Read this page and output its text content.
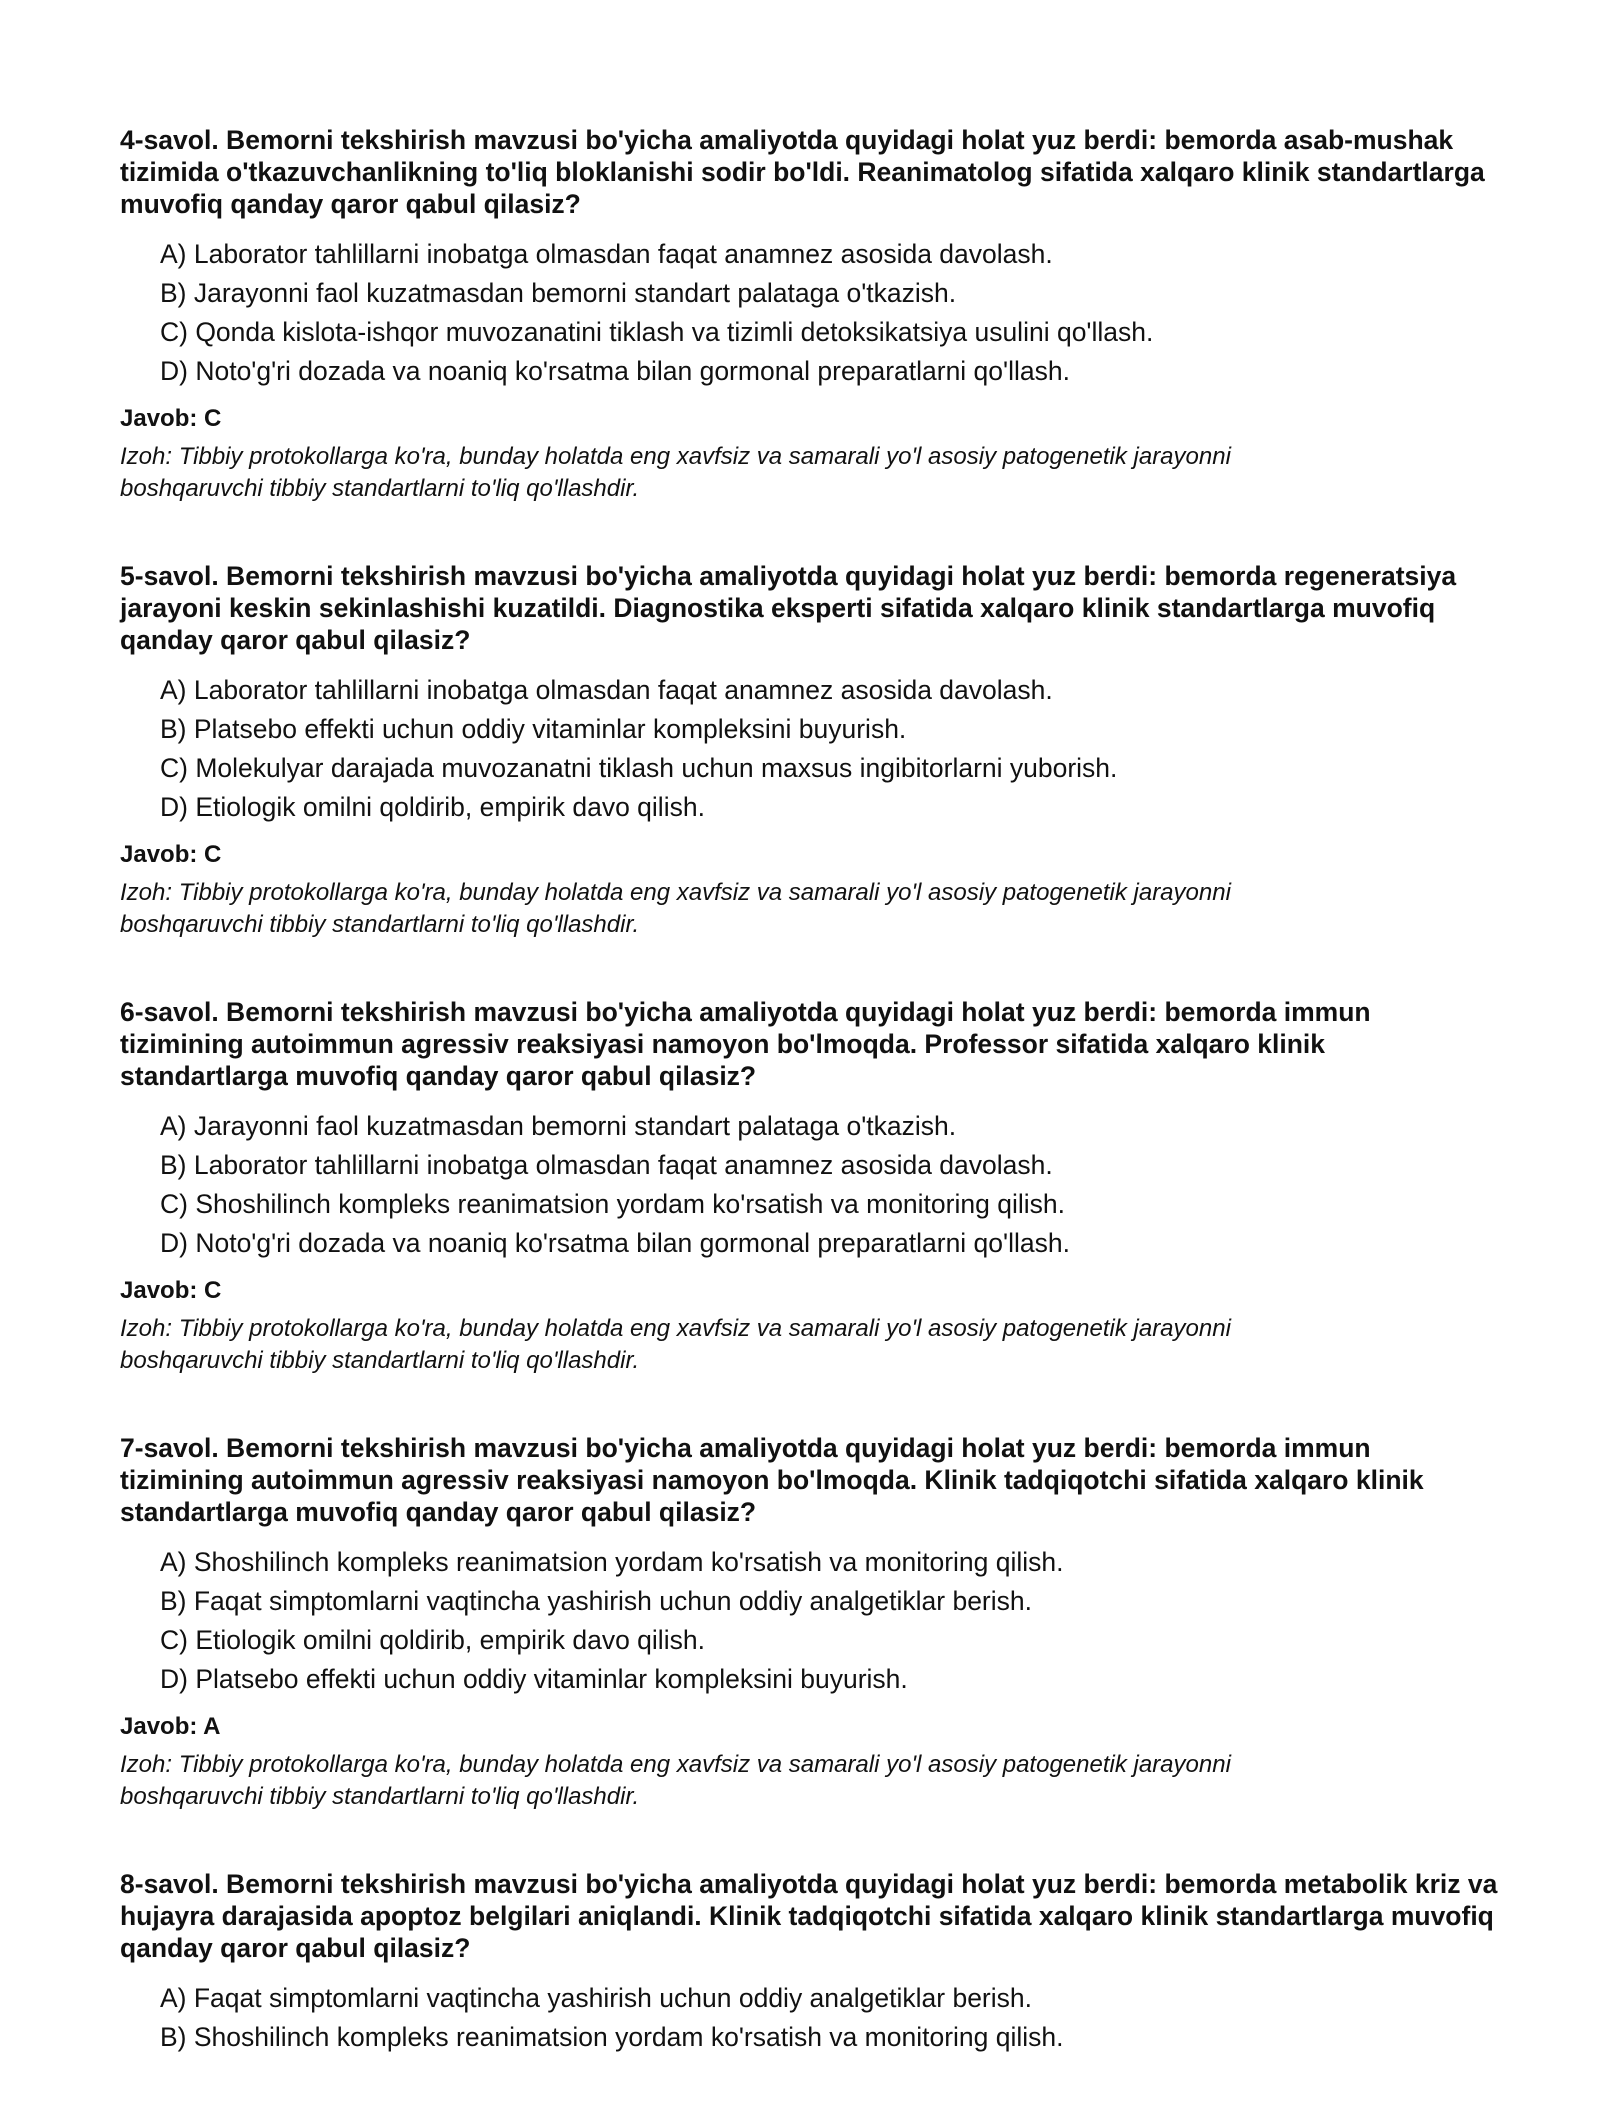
4-savol. Bemorni tekshirish mavzusi bo'yicha amaliyotda quyidagi holat yuz berdi: bemorda asab-mushak tizimida o'tkazuvchanlikning to'liq bloklanishi sodir bo'ldi. Reanimatolog sifatida xalqaro klinik standartlarga muvofiq qanday qaror qabul qilasiz?

A) Laborator tahlillarni inobatga olmasdan faqat anamnez asosida davolash.
B) Jarayonni faol kuzatmasdan bemorni standart palataga o'tkazish.
C) Qonda kislota-ishqor muvozanatini tiklash va tizimli detoksikatsiya usulini qo'llash.
D) Noto'g'ri dozada va noaniq ko'rsatma bilan gormonal preparatlarni qo'llash.

Javob: C

Izoh: Tibbiy protokollarga ko'ra, bunday holatda eng xavfsiz va samarali yo'l asosiy patogenetik jarayonni boshqaruvchi tibbiy standartlarni to'liq qo'llashdir.

5-savol. Bemorni tekshirish mavzusi bo'yicha amaliyotda quyidagi holat yuz berdi: bemorda regeneratsiya jarayoni keskin sekinlashishi kuzatildi. Diagnostika eksperti sifatida xalqaro klinik standartlarga muvofiq qanday qaror qabul qilasiz?

A) Laborator tahlillarni inobatga olmasdan faqat anamnez asosida davolash.
B) Platsebo effekti uchun oddiy vitaminlar kompleksini buyurish.
C) Molekulyar darajada muvozanatni tiklash uchun maxsus ingibitorlarni yuborish.
D) Etiologik omilni qoldirib, empirik davo qilish.

Javob: C

Izoh: Tibbiy protokollarga ko'ra, bunday holatda eng xavfsiz va samarali yo'l asosiy patogenetik jarayonni boshqaruvchi tibbiy standartlarni to'liq qo'llashdir.

6-savol. Bemorni tekshirish mavzusi bo'yicha amaliyotda quyidagi holat yuz berdi: bemorda immun tizimining autoimmun agressiv reaksiyasi namoyon bo'lmoqda. Professor sifatida xalqaro klinik standartlarga muvofiq qanday qaror qabul qilasiz?

A) Jarayonni faol kuzatmasdan bemorni standart palataga o'tkazish.
B) Laborator tahlillarni inobatga olmasdan faqat anamnez asosida davolash.
C) Shoshilinch kompleks reanimatsion yordam ko'rsatish va monitoring qilish.
D) Noto'g'ri dozada va noaniq ko'rsatma bilan gormonal preparatlarni qo'llash.

Javob: C

Izoh: Tibbiy protokollarga ko'ra, bunday holatda eng xavfsiz va samarali yo'l asosiy patogenetik jarayonni boshqaruvchi tibbiy standartlarni to'liq qo'llashdir.

7-savol. Bemorni tekshirish mavzusi bo'yicha amaliyotda quyidagi holat yuz berdi: bemorda immun tizimining autoimmun agressiv reaksiyasi namoyon bo'lmoqda. Klinik tadqiqotchi sifatida xalqaro klinik standartlarga muvofiq qanday qaror qabul qilasiz?

A) Shoshilinch kompleks reanimatsion yordam ko'rsatish va monitoring qilish.
B) Faqat simptomlarni vaqtincha yashirish uchun oddiy analgetiklar berish.
C) Etiologik omilni qoldirib, empirik davo qilish.
D) Platsebo effekti uchun oddiy vitaminlar kompleksini buyurish.

Javob: A

Izoh: Tibbiy protokollarga ko'ra, bunday holatda eng xavfsiz va samarali yo'l asosiy patogenetik jarayonni boshqaruvchi tibbiy standartlarni to'liq qo'llashdir.

8-savol. Bemorni tekshirish mavzusi bo'yicha amaliyotda quyidagi holat yuz berdi: bemorda metabolik kriz va hujayra darajasida apoptoz belgilari aniqlandi. Klinik tadqiqotchi sifatida xalqaro klinik standartlarga muvofiq qanday qaror qabul qilasiz?

A) Faqat simptomlarni vaqtincha yashirish uchun oddiy analgetiklar berish.
B) Shoshilinch kompleks reanimatsion yordam ko'rsatish va monitoring qilish.
